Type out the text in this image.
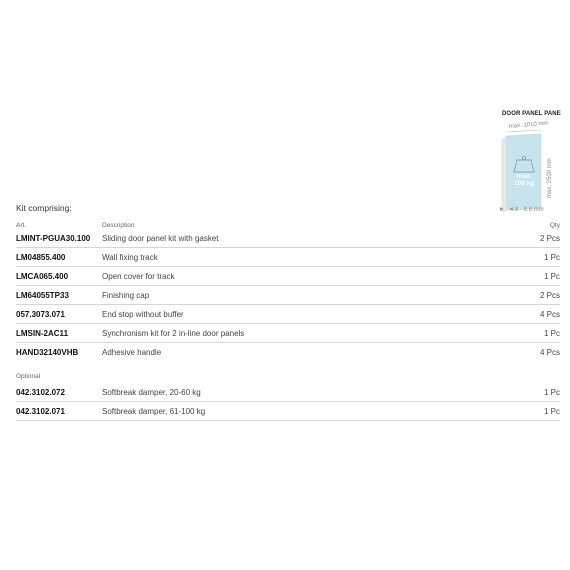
DOOR PANEL PANE
max.
100 kg
max. 1010 mm
max. 2500 mm
8 - 8.8 mm
Kit comprising:
Art.	Description	Qty
LMINT-PGUA30.100 Sliding door panel kit with gasket	2 Pcs
LM04855.400	Wall fixing track	1 Pc
LMCA065.400	Open cover for track	1 Pc
LM64055TP33	Finishing cap	2 Pcs
057.3073.071	End stop without buffer	4 Pcs
LMSIN-2AC11	Synchronism kit for 2 in-line door panels	1 Pc
HAND32140VHB	Adhesive handle	4 Pcs
Optional
042.3102.072	Softbreak damper, 20-60 kg	1 Pc
042.3102.071	Softbreak damper, 61-100 kg	1 Pc
